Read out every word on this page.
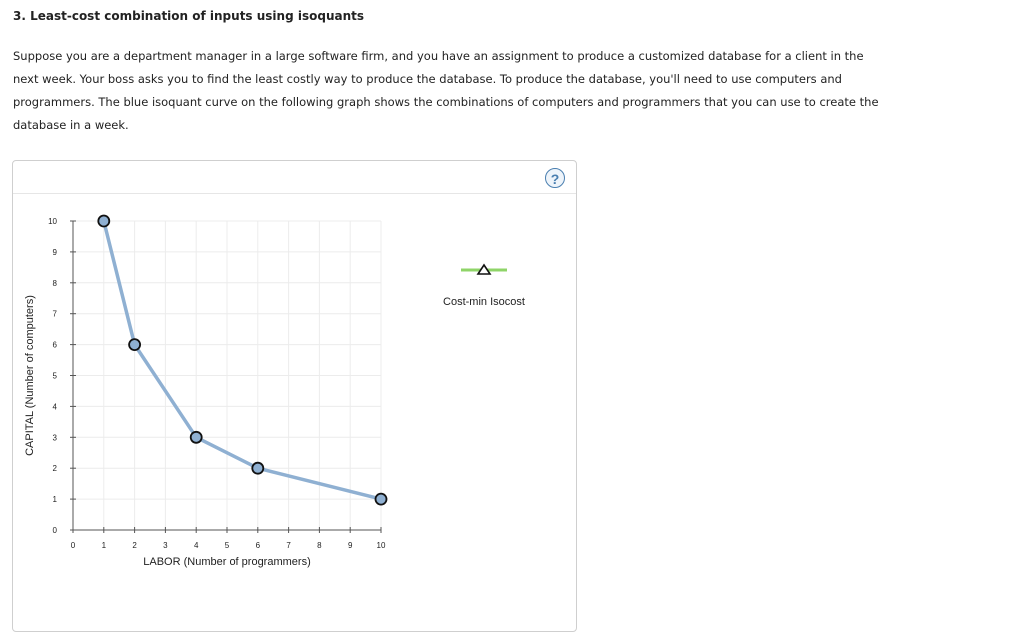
3. Least-cost combination of inputs using isoquants
Suppose you are a department manager in a large software firm, and you have an assignment to produce a customized database for a client in the
next week. Your boss asks you to find the least costly way to produce the database. To produce the database, you'll need to use computers and
programmers. The blue isoquant curve on the following graph shows the combinations of computers and programmers that you can use to create the
database in a week.
?
0	1	2	3	4	5	6	7	8	9	10
0
1
2
3
4
5
6
7
8
9
10
LABOR (Number of programmers)
CAPITAL (Number of computers)	Cost-min Isocost
